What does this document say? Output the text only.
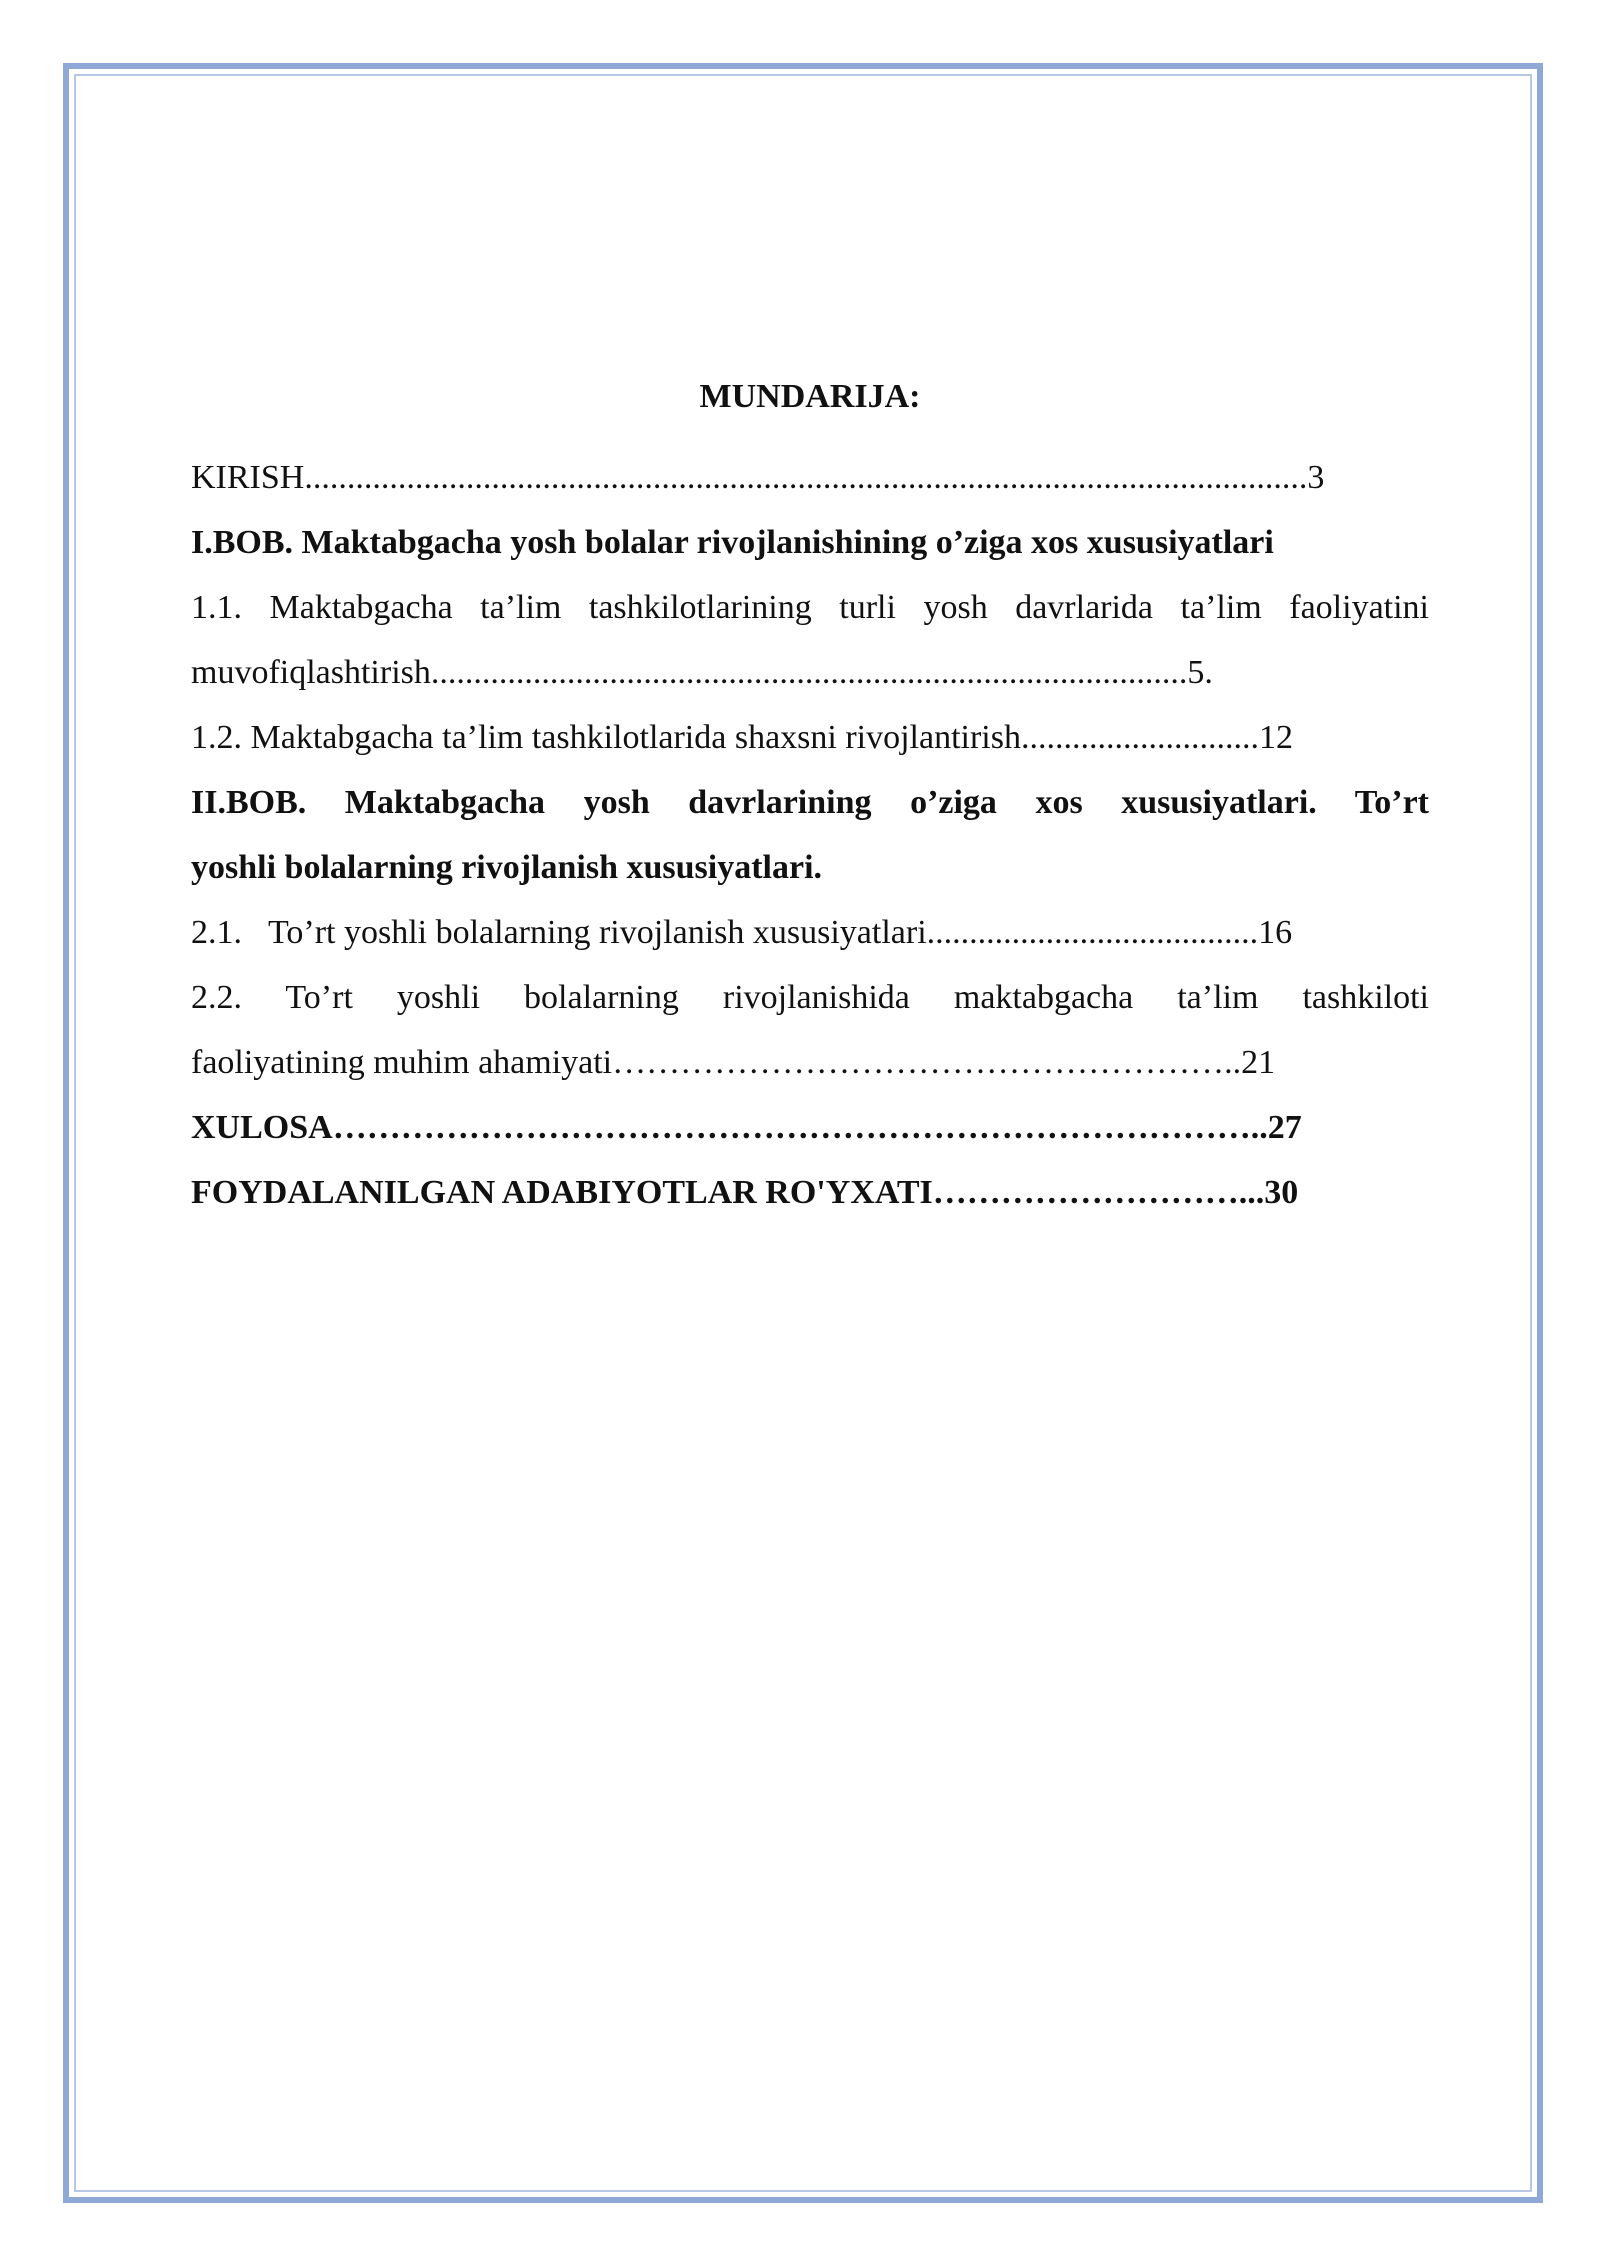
MUNDARIJA:
KIRISH......................................................................................................................3
I.BOB. Maktabgacha yosh bolalar rivojlanishining o’ziga xos xususiyatlari
1.1. Maktabgacha ta’lim tashkilotlarining turli yosh davrlarida ta’lim faoliyatini
muvofiqlashtirish.........................................................................................5.
1.2. Maktabgacha ta’lim tashkilotlarida shaxsni rivojlantirish............................12
II.BOB. Maktabgacha yosh davrlarining o’ziga xos xususiyatlari. To’rt
yoshli bolalarning rivojlanish xususiyatlari.
2.1. To’rt yoshli bolalarning rivojlanish xususiyatlari.......................................16
2.2. To’rt yoshli bolalarning rivojlanishida maktabgacha ta’lim tashkiloti
faoliyatining muhim ahamiyati………………………………………………..21
XULOSA………………………………………………………………………..27
FOYDALANILGAN ADABIYOTLAR RO'YXATI………………………...30
